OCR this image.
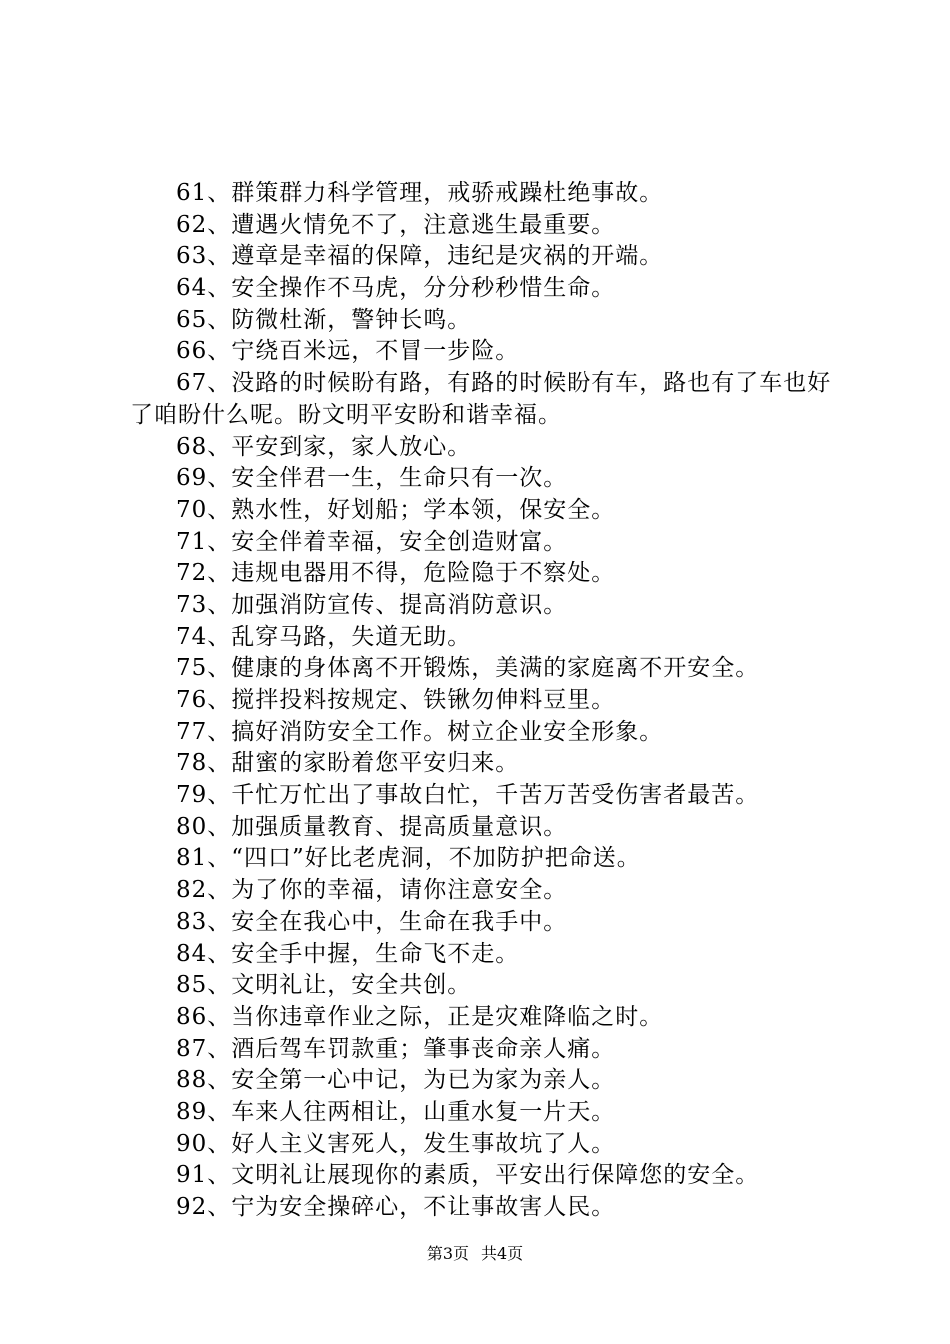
61、群策群力科学管理，戒骄戒躁杜绝事故。
62、遭遇火情免不了，注意逃生最重要。
63、遵章是幸福的保障，违纪是灾祸的开端。
64、安全操作不马虎，分分秒秒惜生命。
65、防微杜渐，警钟长鸣。
66、宁绕百米远，不冒一步险。
67、没路的时候盼有路，有路的时候盼有车，路也有了车也好了咱盼什么呢。盼文明平安盼和谐幸福。
68、平安到家，家人放心。
69、安全伴君一生，生命只有一次。
70、熟水性，好划船；学本领，保安全。
71、安全伴着幸福，安全创造财富。
72、违规电器用不得，危险隐于不察处。
73、加强消防宣传、提高消防意识。
74、乱穿马路，失道无助。
75、健康的身体离不开锻炼，美满的家庭离不开安全。
76、搅拌投料按规定、铁锹勿伸料豆里。
77、搞好消防安全工作。树立企业安全形象。
78、甜蜜的家盼着您平安归来。
79、千忙万忙出了事故白忙，千苦万苦受伤害者最苦。
80、加强质量教育、提高质量意识。
81、“四口”好比老虎洞，不加防护把命送。
82、为了你的幸福，请你注意安全。
83、安全在我心中，生命在我手中。
84、安全手中握，生命飞不走。
85、文明礼让，安全共创。
86、当你违章作业之际，正是灾难降临之时。
87、酒后驾车罚款重；肇事丧命亲人痛。
88、安全第一心中记，为已为家为亲人。
89、车来人往两相让，山重水复一片天。
90、好人主义害死人，发生事故坑了人。
91、文明礼让展现你的素质，平安出行保障您的安全。
92、宁为安全操碎心，不让事故害人民。
第3页 共4页
